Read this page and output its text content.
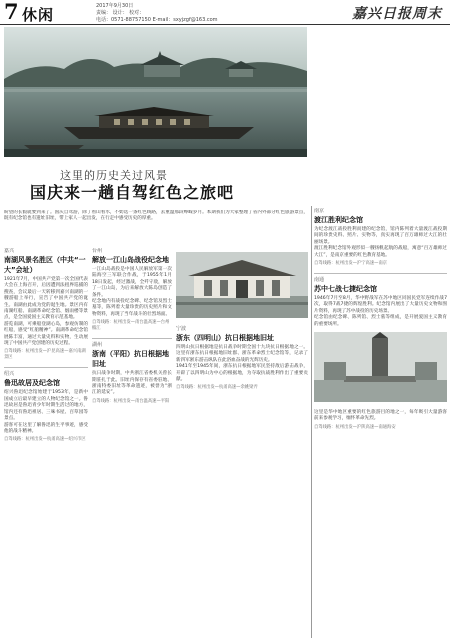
7 休闲	2017年9月30日
责编： 设计： 校对：
电话：0571-88757150 E-mail：sxyjzgf@163.com	嘉兴日报周末
这里的历史关过风景
国庆来一趟自驾红色之旅吧

盼望的长假就要到来了。国庆自驾游，除了看山看水，不妨选一条红色线路，去重温那段峥嵘岁月。本期我们为大家整理了省内外部分红色旅游景点，既有纪念馆也有遗址旧址，带上家人一起出发，在行走中感受历史的厚重。

嘉兴

南湖风景名胜区（中共“一大”会址）

1921年7月，中国共产党第一次全国代表大会在上海召开，后因遭到法租界巡捕的搜查，会议最后一天转移到嘉兴南湖的一艘游船上举行，宣告了中国共产党的诞生。南湖由此成为党的诞生地。景区内有南湖红船、南湖革命纪念馆、烟雨楼等景点，是全国爱国主义教育示范基地。

游览南湖，可乘船登湖心岛，参观仿制的红船，感受“红船精神”。南湖革命纪念馆展陈丰富，通过大量史料和实物，生动展现了中国共产党创建的历史过程。

自驾线路：杭州出发—沪昆高速—嘉兴南湖景区

绍兴

鲁迅故居及纪念馆

绍兴鲁迅纪念馆始建于1953年，是新中国成立后最早建立的人物纪念馆之一。鲁迅故居是鲁迅青少年时期生活过的地方，馆内还有鲁迅祖居、三味书屋、百草园等景点。

游客可在这里了解鲁迅的生平事迹，感受他的战斗精神。

自驾线路：杭州出发—杭甬高速—绍兴市区

台州

解放一江山岛战役纪念地

一江山岛战役是中国人民解放军第一次陆海空三军联合作战，于1955年1月18日发起，经过激战，全歼守敌，解放了一江山岛，为后来解放大陈岛创造了条件。

纪念地内有战役纪念碑、纪念馆及烈士墓等，陈列着大量珍贵的历史照片和文物资料，再现了当年战斗的壮烈场面。

自驾线路：杭州出发—甬台温高速—台州椒江

湖州

浙南（平阳）抗日根据地旧址

抗日战争时期，中共浙江省委机关曾长期驻扎于此。旧址内保存有省委驻地、浙南特委旧址等革命遗迹，被誉为“浙江的延安”。

自驾线路：杭州出发—甬台温高速—平阳

宁波

浙东（四明山）抗日根据地旧址

四明山抗日根据地是抗日战争时期全国十九块抗日根据地之一。这里有浙东抗日根据地旧址群、浙东革命烈士纪念馆等，记录了新四军浙东游击纵队在此浴血奋战的光辉历史。

1941年至1945年间，浙东抗日根据地军民坚持敌后游击战争，开辟了以四明山为中心的根据地，为夺取抗战胜利作出了重要贡献。

自驾线路：杭州出发—杭甬高速—余姚梁弄

南京

渡江胜利纪念馆

为纪念渡江战役胜利而建的纪念馆，馆内陈列着大量渡江战役期间的珍贵史料、照片、实物等，真实再现了百万雄师过大江的壮丽场景。

渡江胜利纪念馆外观形似一艘扬帆起航的战船，寓意“百万雄师过大江”，是南京重要的红色教育基地。

自驾线路：杭州出发—沪宁高速—南京

南通

苏中七战七捷纪念馆

1946年7月至8月，华中野战军在苏中地区同国民党军连续作战7次，取得7战7捷的辉煌胜利。纪念馆内展出了大量历史文物和图片资料，再现了苏中战役的历史场景。

纪念馆由纪念碑、陈列馆、烈士墓等组成，是开展爱国主义教育的重要场所。

这里是华中地区重要的红色旅游目的地之一，每年吸引大量游客前来参观学习，缅怀革命先烈。

自驾线路：杭州出发—沪陕高速—南通海安
